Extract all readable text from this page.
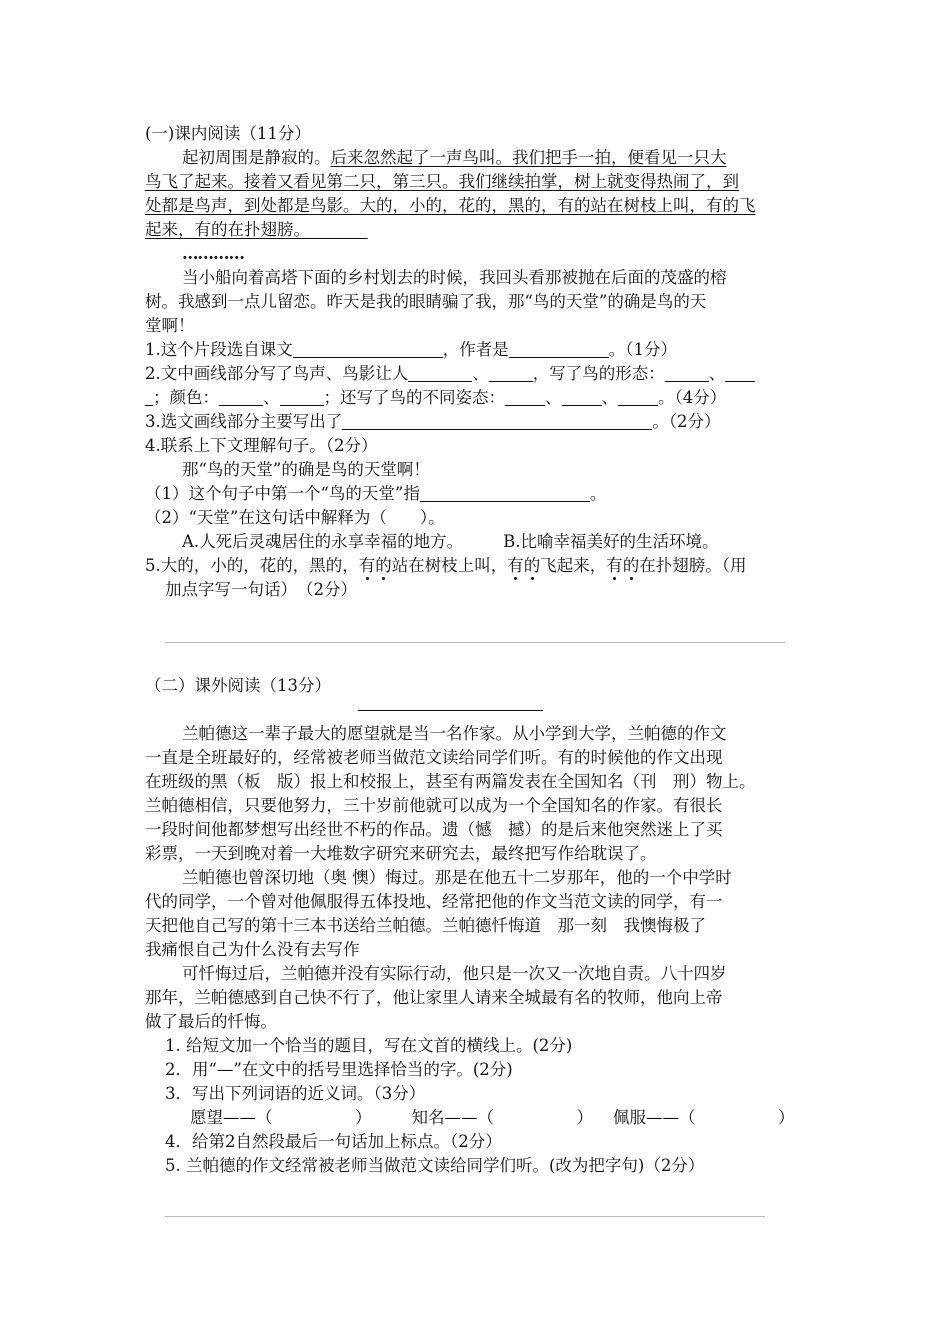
(一)课内阅读（11分）
起初周围是静寂的。后来忽然起了一声鸟叫。我们把手一拍，便看见一只大
鸟飞了起来。接着又看见第二只，第三只。我们继续拍掌，树上就变得热闹了，到
处都是鸟声，到处都是鸟影。大的，小的，花的，黑的，有的站在树枝上叫，有的飞
起来，有的在扑翅膀。　　　　
…………
当小船向着高塔下面的乡村划去的时候，我回头看那被抛在后面的茂盛的榕
树。我感到一点儿留恋。昨天是我的眼睛骗了我，那“鸟的天堂”的确是鸟的天
堂啊！
1.这个片段选自课文	，作者是	。（1分）
2.文中画线部分写了鸟声、鸟影让人	、	，写了鸟的形态：	、
；颜色：	、	；还写了鸟的不同姿态： 、 、 。（4分）
3.选文画线部分主要写出了	。（2分）
4.联系上下文理解句子。（2分）
那“鸟的天堂”的确是鸟的天堂啊！
（1）这个句子中第一个“鸟的天堂”指	。
（2）“天堂”在这句话中解释为（　　）。
A.人死后灵魂居住的永享幸福的地方。 B.比喻幸福美好的生活环境。
5.大的，小的，花的，黑的，有的站在树枝上叫，有的飞起来，有的在扑翅膀。（用
加点字写一句话）　（2分）
（二）课外阅读（13分）
兰帕德这一辈子最大的愿望就是当一名作家。从小学到大学，兰帕德的作文
一直是全班最好的，经常被老师当做范文读给同学们听。有的时候他的作文出现
在班级的黑（板　版）报上和校报上，甚至有两篇发表在全国知名（刊　刑）物上。
兰帕德相信，只要他努力，三十岁前他就可以成为一个全国知名的作家。有很长
一段时间他都梦想写出经世不朽的作品。遗（憾　撼）的是后来他突然迷上了买
彩票，一天到晚对着一大堆数字研究来研究去，最终把写作给耽误了。
兰帕德也曾深切地（奥 懊）悔过。那是在他五十二岁那年，他的一个中学时
代的同学，一个曾对他佩服得五体投地、经常把他的作文当范文读的同学，有一
天把他自己写的第十三本书送给兰帕德。兰帕德忏悔道　那一刻　我懊悔极了
我痛恨自己为什么没有去写作
可忏悔过后，兰帕德并没有实际行动，他只是一次又一次地自责。八十四岁
那年，兰帕德感到自己快不行了，他让家里人请来全城最有名的牧师，他向上帝
做了最后的忏悔。
1. 给短文加一个恰当的题目，写在文首的横线上。(2分)
2．用“—”在文中的括号里选择恰当的字。(2分)
3．写出下列词语的近义词。（3分）
愿望——（　　　　　） 知名——（　　　　　） 佩服——（　　　　　）
4．给第2自然段最后一句话加上标点。（2分）
5. 兰帕德的作文经常被老师当做范文读给同学们听。(改为把字句)（2分）
